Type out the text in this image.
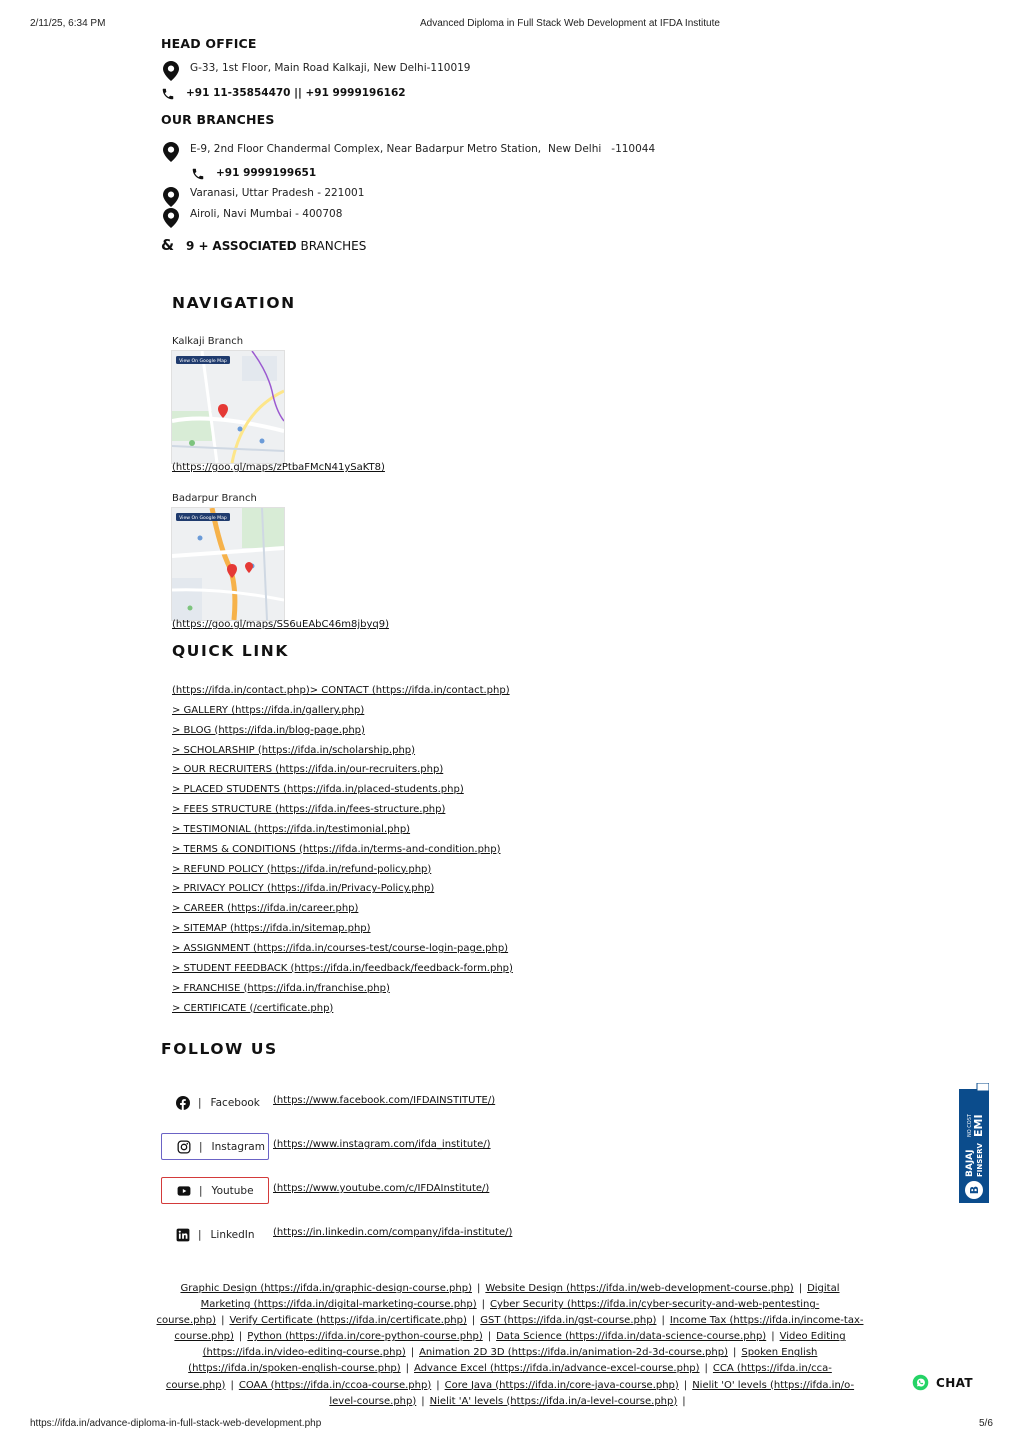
2/11/25, 6:34 PM	Advanced Diploma in Full Stack Web Development at IFDA Institute
HEAD OFFICE
G-33, 1st Floor, Main Road Kalkaji, New Delhi-110019
+91 11-35854470 || +91 9999196162
OUR BRANCHES
E-9, 2nd Floor Chandermal Complex, Near Badarpur Metro Station, New Delhi   -110044
+91 9999199651
Varanasi, Uttar Pradesh - 221001
Airoli, Navi Mumbai - 400708
& 9 + ASSOCIATED BRANCHES
NAVIGATION
Kalkaji Branch
View On Google Map
(https://goo.gl/maps/zPtbaFMcN41ySaKT8)
Badarpur Branch
View On Google Map
(https://goo.gl/maps/SS6uEAbC46m8jbyq9)
QUICK LINK
(https://ifda.in/contact.php)> CONTACT (https://ifda.in/contact.php)
> GALLERY (https://ifda.in/gallery.php)
> BLOG (https://ifda.in/blog-page.php)
> SCHOLARSHIP (https://ifda.in/scholarship.php)
> OUR RECRUITERS (https://ifda.in/our-recruiters.php)
> PLACED STUDENTS (https://ifda.in/placed-students.php)
> FEES STRUCTURE (https://ifda.in/fees-structure.php)
> TESTIMONIAL (https://ifda.in/testimonial.php)
> TERMS & CONDITIONS (https://ifda.in/terms-and-condition.php)
> REFUND POLICY (https://ifda.in/refund-policy.php)
> PRIVACY POLICY (https://ifda.in/Privacy-Policy.php)
> CAREER (https://ifda.in/career.php)
> SITEMAP (https://ifda.in/sitemap.php)
> ASSIGNMENT (https://ifda.in/courses-test/course-login-page.php)
> STUDENT FEEDBACK (https://ifda.in/feedback/feedback-form.php)
> FRANCHISE (https://ifda.in/franchise.php)
> CERTIFICATE (/certificate.php)
FOLLOW US
| Facebook (https://www.facebook.com/IFDAINSTITUTE/)
| Instagram (https://www.instagram.com/ifda_institute/)
| Youtube (https://www.youtube.com/c/IFDAInstitute/)
| LinkedIn (https://in.linkedin.com/company/ifda-institute/)
Graphic Design (https://ifda.in/graphic-design-course.php) | Website Design (https://ifda.in/web-development-course.php) | Digital Marketing (https://ifda.in/digital-marketing-course.php) | Cyber Security (https://ifda.in/cyber-security-and-web-pentesting-course.php) | Verify Certificate (https://ifda.in/certificate.php) | GST (https://ifda.in/gst-course.php) | Income Tax (https://ifda.in/income-tax-course.php) | Python (https://ifda.in/core-python-course.php) | Data Science (https://ifda.in/data-science-course.php) | Video Editing (https://ifda.in/video-editing-course.php) | Animation 2D 3D (https://ifda.in/animation-2d-3d-course.php) | Spoken English (https://ifda.in/spoken-english-course.php) | Advance Excel (https://ifda.in/advance-excel-course.php) | CCA (https://ifda.in/cca-course.php) | COAA (https://ifda.in/ccoa-course.php) | Core Java (https://ifda.in/core-java-course.php) | Nielit 'O' levels (https://ifda.in/o-level-course.php) | Nielit 'A' levels (https://ifda.in/a-level-course.php) |
B
BAJAJ FINSERV
NO COST EMI
CHAT
https://ifda.in/advance-diploma-in-full-stack-web-development.php	5/6
